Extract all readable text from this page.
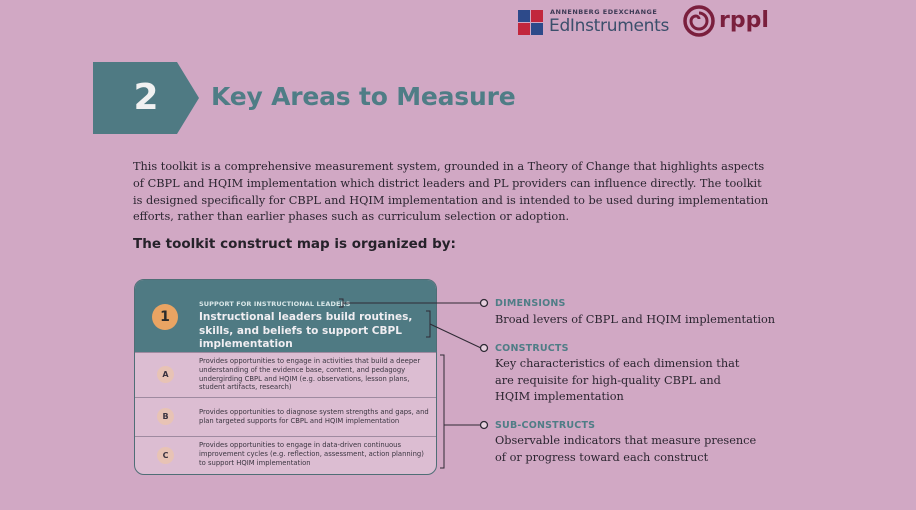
ANNENBERG EDEXCHANGE
EdInstruments rppl
2	Key Areas to Measure
This toolkit is a comprehensive measurement system, grounded in a Theory of Change that highlights aspects of CBPL and HQIM implementation which district leaders and PL providers can influence directly. The toolkit is designed specifically for CBPL and HQIM implementation and is intended to be used during implementation efforts, rather than earlier phases such as curriculum selection or adoption.
The toolkit construct map is organized by:
1
SUPPORT FOR INSTRUCTIONAL LEADERS
Instructional leaders build routines, skills, and beliefs to support CBPL implementation
A
Provides opportunities to engage in activities that build a deeper understanding of the evidence base, content, and pedagogy undergirding CBPL and HQIM (e.g. observations, lesson plans, student artifacts, research)
B	Provides opportunities to diagnose system strengths and gaps, and plan targeted supports for CBPL and HQIM implementation
C
Provides opportunities to engage in data-driven continuous improvement cycles (e.g. reflection, assessment, action planning) to support HQIM implementation
DIMENSIONS
Broad levers of CBPL and HQIM implementation
CONSTRUCTS
Key characteristics of each dimension that are requisite for high-quality CBPL and HQIM implementation
SUB-CONSTRUCTS
Observable indicators that measure presence of or progress toward each construct
